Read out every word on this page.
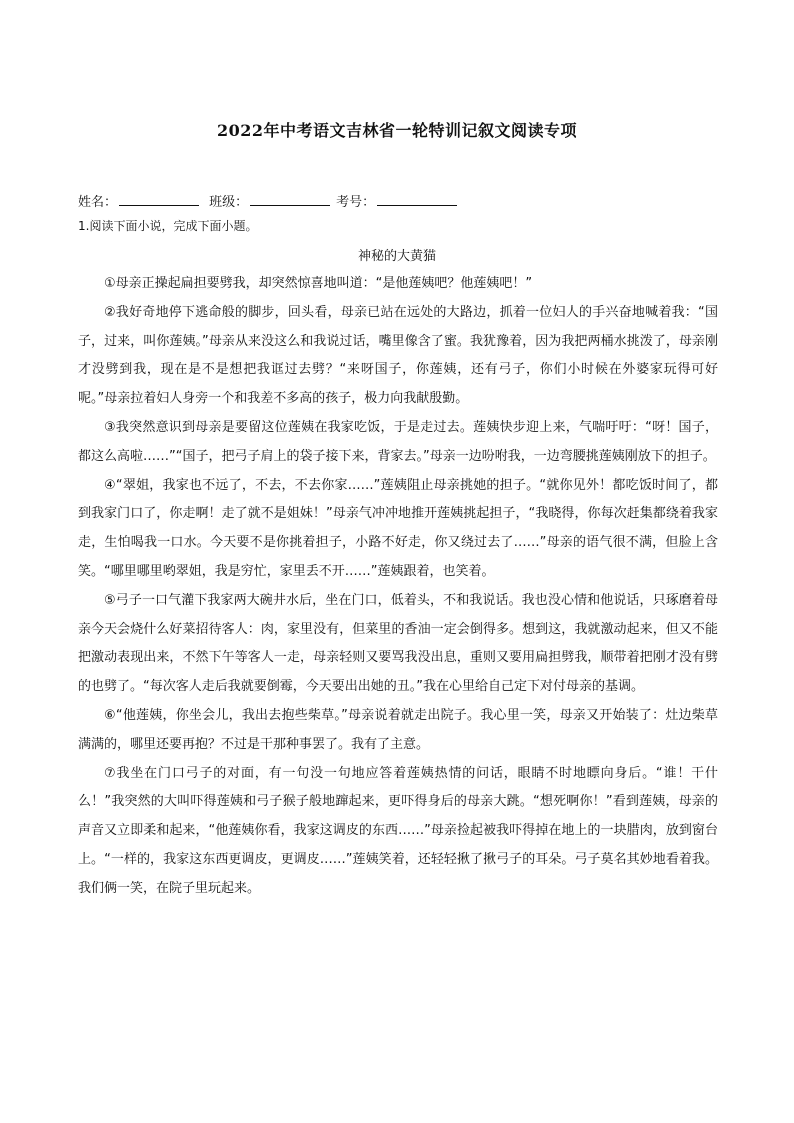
2022年中考语文吉林省一轮特训记叙文阅读专项
姓名：	班级：	考号：
1.阅读下面小说，完成下面小题。
神秘的大黄猫

①母亲正操起扁担要劈我，却突然惊喜地叫道：“是他莲姨吧？他莲姨吧！”

②我好奇地停下逃命般的脚步，回头看，母亲已站在远处的大路边，抓着一位妇人的手兴奋地喊着我：“国子，过来，叫你莲姨。”母亲从来没这么和我说过话，嘴里像含了蜜。我犹豫着，因为我把两桶水挑泼了，母亲刚才没劈到我，现在是不是想把我诓过去劈？“来呀国子，你莲姨，还有弓子，你们小时候在外婆家玩得可好呢。”母亲拉着妇人身旁一个和我差不多高的孩子，极力向我献殷勤。

③我突然意识到母亲是要留这位莲姨在我家吃饭，于是走过去。莲姨快步迎上来，气喘吁吁：“呀！国子，都这么高啦……”“国子，把弓子肩上的袋子接下来，背家去。”母亲一边吩咐我，一边弯腰挑莲姨刚放下的担子。

④“翠姐，我家也不远了，不去，不去你家……”莲姨阻止母亲挑她的担子。“就你见外！都吃饭时间了，都到我家门口了，你走啊！走了就不是姐妹！”母亲气冲冲地推开莲姨挑起担子，“我晓得，你每次赶集都绕着我家走，生怕喝我一口水。今天要不是你挑着担子，小路不好走，你又绕过去了……”母亲的语气很不满，但脸上含笑。“哪里哪里哟翠姐，我是穷忙，家里丢不开……”莲姨跟着，也笑着。

⑤弓子一口气灌下我家两大碗井水后，坐在门口，低着头，不和我说话。我也没心情和他说话，只琢磨着母亲今天会烧什么好菜招待客人：肉，家里没有，但菜里的香油一定会倒得多。想到这，我就激动起来，但又不能把激动表现出来，不然下午等客人一走，母亲轻则又要骂我没出息，重则又要用扁担劈我，顺带着把刚才没有劈的也劈了。“每次客人走后我就要倒霉，今天要出出她的丑。”我在心里给自己定下对付母亲的基调。

⑥“他莲姨，你坐会儿，我出去抱些柴草。”母亲说着就走出院子。我心里一笑，母亲又开始装了：灶边柴草满满的，哪里还要再抱？不过是干那种事罢了。我有了主意。

⑦我坐在门口弓子的对面，有一句没一句地应答着莲姨热情的问话，眼睛不时地瞟向身后。“谁！干什么！”我突然的大叫吓得莲姨和弓子猴子般地蹿起来，更吓得身后的母亲大跳。“想死啊你！”看到莲姨，母亲的声音又立即柔和起来，“他莲姨你看，我家这调皮的东西……”母亲捡起被我吓得掉在地上的一块腊肉，放到窗台上。“一样的，我家这东西更调皮，更调皮……”莲姨笑着，还轻轻揪了揪弓子的耳朵。弓子莫名其妙地看着我。我们俩一笑，在院子里玩起来。
